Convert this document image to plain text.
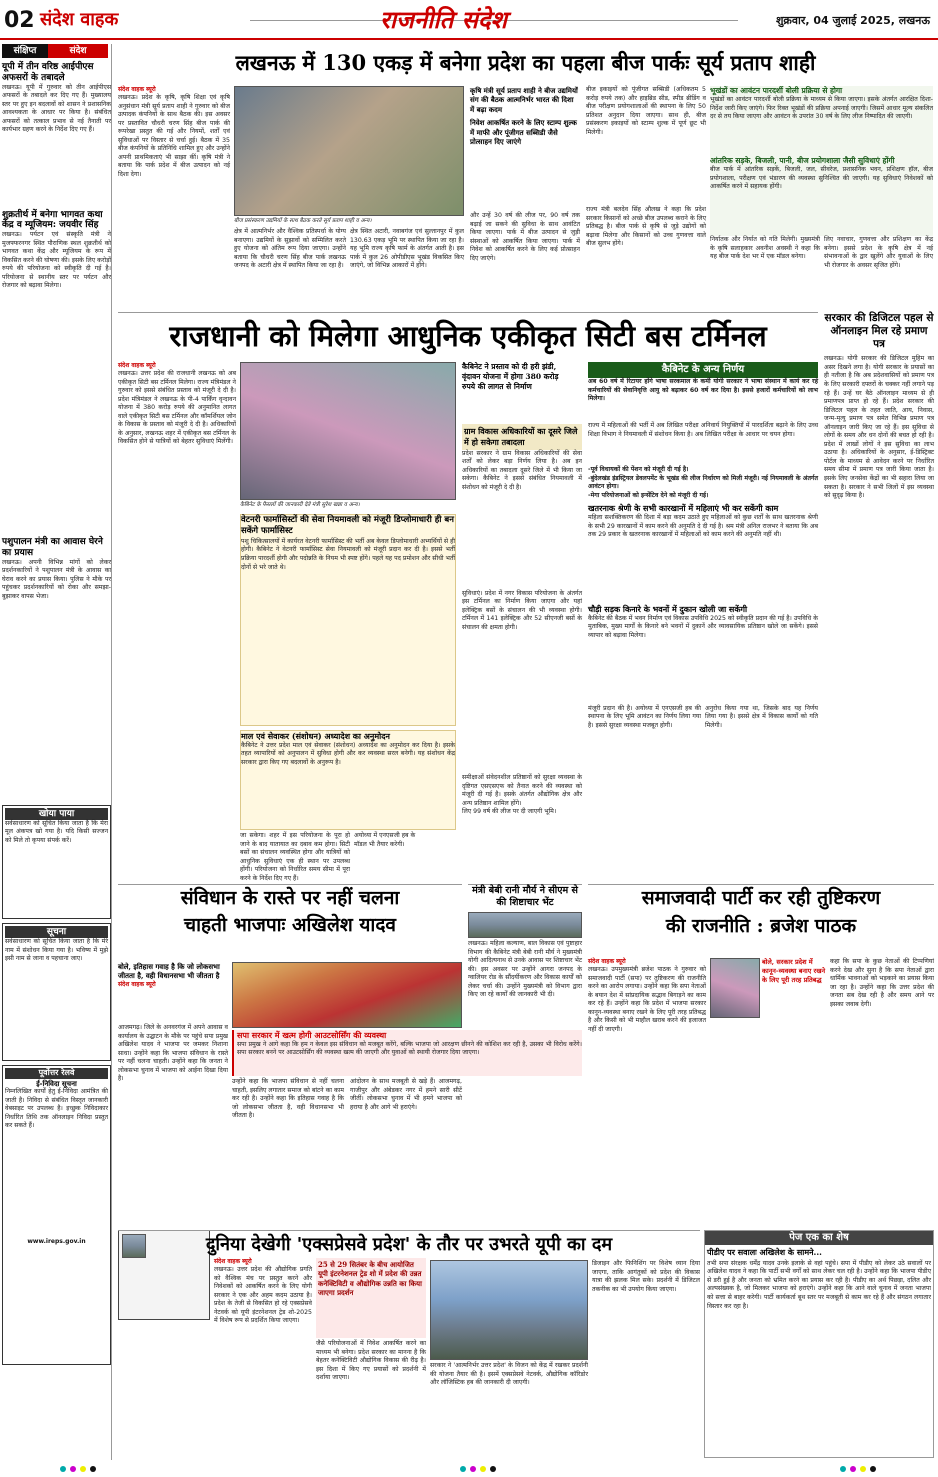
02 संदेश वाहक	राजनीति संदेश	शुक्रवार, 04 जुलाई 2025, लखनऊ
संक्षिप्त	संदेश
यूपी में तीन वरिष्ठ आईपीएस अफसरों के तबादले
लखनऊ। यूपी में गुरुवार को तीन आईपीएस अफसरों के तबादले कर दिए गए हैं। मुख्यालय स्तर पर हुए इन बदलावों को शासन ने प्रशासनिक आवश्यकता के आधार पर किया है। संबंधित अफसरों को तत्काल प्रभाव से नई तैनाती पर कार्यभार ग्रहण करने के निर्देश दिए गए हैं।
शुक्रतीर्थ में बनेगा भागवत कथा केंद्र व म्यूजियम: जयवीर सिंह
लखनऊ। पर्यटन एवं संस्कृति मंत्री ने मुजफ्फरनगर स्थित पौराणिक स्थल शुक्रतीर्थ को भागवत कथा केंद्र और म्यूजियम के रूप में विकसित करने की घोषणा की। इसके लिए करोड़ों रुपये की परियोजना को स्वीकृति दी गई है। परियोजना से स्थानीय स्तर पर पर्यटन और रोजगार को बढ़ावा मिलेगा।
पशुपालन मंत्री का आवास घेरने का प्रयास
लखनऊ। अपनी विभिन्न मांगों को लेकर प्रदर्शनकारियों ने पशुपालन मंत्री के आवास का घेराव करने का प्रयास किया। पुलिस ने मौके पर पहुंचकर प्रदर्शनकारियों को रोका और समझा-बुझाकर वापस भेजा।
खोया पाया
सर्वसाधारण को सूचित किया जाता है कि मेरा मूल अंकपत्र खो गया है। यदि किसी सज्जन को मिले तो कृपया संपर्क करें।
सूचना
सर्वसाधारण को सूचित किया जाता है कि मेरे नाम में संशोधन किया गया है। भविष्य में मुझे इसी नाम से जाना व पहचाना जाए।
पूर्वोत्तर रेलवे
ई-निविदा सूचना
निम्नलिखित कार्यों हेतु ई-निविदा आमंत्रित की जाती है। निविदा से संबंधित विस्तृत जानकारी वेबसाइट पर उपलब्ध है। इच्छुक निविदाकार निर्धारित तिथि तक ऑनलाइन निविदा प्रस्तुत कर सकते हैं।
www.ireps.gov.in
लखनऊ में 130 एकड़ में बनेगा प्रदेश का पहला बीज पार्कः सूर्य प्रताप शाही
संदेश वाहक ब्यूरो
लखनऊ। प्रदेश के कृषि, कृषि शिक्षा एवं कृषि अनुसंधान मंत्री सूर्य प्रताप शाही ने गुरुवार को बीज उत्पादक कंपनियों के साथ बैठक की। इस अवसर पर प्रस्तावित चौधरी चरण सिंह बीज पार्क की रूपरेखा प्रस्तुत की गई और नियमों, शर्तों एवं सुविधाओं पर विस्तार से चर्चा हुई। बैठक में 35 बीज कंपनियों के प्रतिनिधि शामिल हुए और उन्होंने अपनी प्राथमिकताएं भी साझा कीं। कृषि मंत्री ने बताया कि पार्क प्रदेश में बीज उत्पादन को नई दिशा देगा।
बीज प्रसंस्करण उद्यमियों के साथ बैठक करते सूर्य प्रताप शाही व अन्य।
क्षेत्र में आत्मनिर्भर और वैश्विक प्रतिस्पर्धा के योग्य बनाएगा। उद्यमियों के सुझावों को सम्मिलित करते हुए योजना को अंतिम रूप दिया जाएगा। उन्होंने बताया कि चौधरी चरण सिंह बीज पार्क लखनऊ जनपद के अटारी क्षेत्र में स्थापित किया जा रहा है।
क्षेत्र स्थित अटारी, नवाबगंज एवं सुल्तानपुर में कुल 130.63 एकड़ भूमि पर स्थापित किया जा रहा है। यह भूमि राज्य कृषि फार्म के अंतर्गत आती है। इस पार्क में कुल 26 ओपीडीएस भूखंड विकसित किए जाएंगे, जो विभिन्न आकारों में होंगे।
कृषि मंत्री सूर्य प्रताप शाही ने बीज उद्यमियों संग की बैठक आत्मनिर्भर भारत की दिशा में बढ़ा कदम
निवेश आकर्षित करने के लिए स्टाम्प शुल्क में माफी और पूंजीगत सब्सिडी जैसे प्रोत्साहन दिए जाएंगे
और उन्हें 30 वर्ष की लीज पर, 90 वर्ष तक बढ़ाई जा सकने की सुविधा के साथ आवंटित किया जाएगा। पार्क में बीज उत्पादन से जुड़ी संस्थाओं को आकर्षित किया जाएगा। पार्क में निवेश को आकर्षित करने के लिए कई प्रोत्साहन दिए जाएंगे।
बीज इकाइयों को पूंजीगत सब्सिडी (अधिकतम 5 करोड़ रुपये तक) और हाइब्रिड सीड, स्पीड ब्रीडिंग व बीज परीक्षण प्रयोगशालाओं की स्थापना के लिए 50 प्रतिशत अनुदान दिया जाएगा। साथ ही, बीज प्रसंस्करण इकाइयों को स्टाम्प शुल्क में पूर्ण छूट भी मिलेगी।
राज्य मंत्री बलदेव सिंह औलख ने कहा कि प्रदेश सरकार किसानों को अच्छे बीज उपलब्ध कराने के लिए प्रतिबद्ध है। बीज पार्क से कृषि से जुड़े उद्योगों को बढ़ावा मिलेगा और किसानों को उच्च गुणवत्ता वाले बीज सुलभ होंगे।
भूखंडों का आवंटन पारदर्शी बोली प्रक्रिया से होगा
भूखंडों का आवंटन पारदर्शी बोली प्रक्रिया के माध्यम से किया जाएगा। इसके अंतर्गत आरक्षित दिशा-निर्देश जारी किए जाएंगे। फिर रिक्त भूखंडों की प्रक्रिया अपनाई जाएगी। जिसमें आधार मूल्य संकलित दर से तय किया जाएगा और आवंटन के उपरांत 30 वर्ष के लिए लीज निष्पादित की जाएगी।
आंतरिक सड़के, बिजली, पानी, बीज प्रयोगशाला जैसी सुविधाएं होंगी
बीज पार्क में आंतरिक सड़कें, बिजली, जल, सीवरेज, प्रशासनिक भवन, प्रशिक्षण हॉल, बीज प्रयोगशाला, परीक्षण एवं भंडारण की व्यवस्था सुनिश्चित की जाएगी। यह सुविधाएं निवेशकों को आकर्षित करने में सहायक होंगी।
निर्यातक और निर्यात को गति मिलेगी। मुख्यमंत्री के कृषि सलाहकार अवनीश अवस्थी ने कहा कि यह बीज पार्क देश भर में एक मॉडल बनेगा।
लिए नवाचार, गुणवत्ता और प्रशिक्षण का केंद्र बनेगा। इससे प्रदेश के कृषि क्षेत्र में नई संभावनाओं के द्वार खुलेंगे और युवाओं के लिए भी रोजगार के अवसर सृजित होंगे।
राजधानी को मिलेगा आधुनिक एकीकृत सिटी बस टर्मिनल
संदेश वाहक ब्यूरो
लखनऊ। उत्तर प्रदेश की राजधानी लखनऊ को अब एकीकृत सिटी बस टर्मिनल मिलेगा। राज्य मंत्रिमंडल ने गुरुवार को इससे संबंधित प्रस्ताव को मंजूरी दे दी है। प्रदेश मंत्रिमंडल ने लखनऊ के पी-4 पार्किंग वृन्दावन योजना में 380 करोड़ रुपये की अनुमानित लागत वाले एकीकृत सिटी बस टर्मिनल और कॉमर्शियल जोन के विकास के प्रस्ताव को मंजूरी दे दी है। अधिकारियों के अनुसार, लखनऊ शहर में एकीकृत बस टर्मिनल के विकसित होने से यात्रियों को बेहतर सुविधाएं मिलेंगी।
कैबिनेट के फैसलों की जानकारी देते मंत्री सुरेश खन्ना व अन्य।
कैबिनेट ने प्रस्ताव को दी हरी झंडी, वृंदावन योजना में होगा 380 करोड़ रुपये की लागत से निर्माण
वेटनरी फार्मासिस्टों की सेवा नियमावली को मंजूरी डिप्लोमाधारी ही बन सकेंगे फार्मासिस्ट
पशु चिकित्सालयों में कार्यरत वेटनरी फार्मासिस्ट की भर्ती अब केवल डिप्लोमाधारी अभ्यर्थियों से ही होगी। कैबिनेट ने वेटनरी फार्मासिस्ट सेवा नियमावली को मंजूरी प्रदान कर दी है। इससे भर्ती प्रक्रिया पारदर्शी होगी और पदोन्नति के नियम भी स्पष्ट होंगे। पहले यह पद प्रमोशन और सीधी भर्ती दोनों से भरे जाते थे।
माल एवं सेवाकर (संशोधन) अध्यादेश का अनुमोदन
कैबिनेट ने उत्तर प्रदेश माल एवं सेवाकर (संशोधन) अध्यादेश का अनुमोदन कर दिया है। इसके तहत व्यापारियों को अनुपालन में सुविधा होगी और कर व्यवस्था सरल बनेगी। यह संशोधन केंद्र सरकार द्वारा किए गए बदलावों के अनुरूप है।
जा सकेगा। शहर में इस परियोजना के पूरा हो जाने के बाद यातायात का दबाव कम होगा। सिटी बसों का संचालन व्यवस्थित होगा और यात्रियों को आधुनिक सुविधाएं एक ही स्थान पर उपलब्ध होंगी। परियोजना को निर्धारित समय सीमा में पूरा करने के निर्देश दिए गए हैं।
अयोध्या में एनएसजी हब के
मॉडल भी तैयार करेगी।
ग्राम विकास अधिकारियों का दूसरे जिले में हो सकेगा तबादला
प्रदेश सरकार ने ग्राम विकास अधिकारियों की सेवा शर्तों को लेकर बड़ा निर्णय लिया है। अब इन अधिकारियों का तबादला दूसरे जिले में भी किया जा सकेगा। कैबिनेट ने इससे संबंधित नियमावली में संशोधन को मंजूरी दे दी है।
सुविधाएं। प्रदेश में नगर विकास परियोजना के अंतर्गत इस टर्मिनल का निर्माण किया जाएगा और यहां इलेक्ट्रिक बसों के संचालन की भी व्यवस्था होगी। टर्मिनल में 141 इलेक्ट्रिक और 52 सीएनजी बसों के संचालन की क्षमता होगी।
समीक्षाओं संवेदनशील प्रतिष्ठानों को सुरक्षा व्यवस्था के दृष्टिगत एसएसएफ को तैनात करने की व्यवस्था को मंजूरी दी गई है। इसके अंतर्गत औद्योगिक क्षेत्र और अन्य प्रतिष्ठान शामिल होंगे।
लिए 99 वर्ष की लीज पर दी जाएगी भूमि।
कैबिनेट के अन्य निर्णय
अब 60 वर्ष में रिटायर होंगे भाषा सरकमाल के कर्मी योगी सरकार ने भाषा संस्थान में कार्य कर रहे कर्मचारियों की सेवानिवृत्ति आयु को बढ़ाकर 60 वर्ष कर दिया है। इससे हजारों कर्मचारियों को लाभ मिलेगा।
राज्य में महिलाओं की भर्ती में अब लिखित परीक्षा अनिवार्य नियुक्तियों में पारदर्शिता बढ़ाने के लिए उच्च शिक्षा विभाग ने नियमावली में संशोधन किया है। अब लिखित परीक्षा के आधार पर चयन होगा।
-पूर्व विधायकों की पेंशन को मंजूरी दी गई है।
-बुंदेलखंड इंडस्ट्रियल डेवलपमेंट के भूखंड की लीज निर्धारण को मिली मंजूरी। नई नियमावली के अंतर्गत आवंटन होगा।
-मेगा परियोजनाओं को इन्सेंटिव देने को मंजूरी दी गई।
खतरनाक श्रेणी के सभी कारखानों में महिलाएं भी कर सकेंगी काम
महिला सशक्तिकरण की दिशा में बड़ा कदम उठाते हुए महिलाओं को कुछ शर्तों के साथ खतरनाक श्रेणी के सभी 29 कारखानों में काम करने की अनुमति दे दी गई है। श्रम मंत्री अनिल राजभर ने बताया कि अब तक 29 प्रकार के खतरनाक कारखानों में महिलाओं को काम करने की अनुमति नहीं थी।
चौड़ी सड़क किनारे के भवनों में दुकान खोली जा सकेंगी
कैबिनेट की बैठक में भवन निर्माण एवं विकास उपविधि 2025 को स्वीकृति प्रदान की गई है। उपविधि के मुताबिक, मुख्य मार्गों के किनारे बने भवनों में दुकानें और व्यावसायिक प्रतिष्ठान खोले जा सकेंगे। इससे व्यापार को बढ़ावा मिलेगा।
मंजूरी प्रदान की है। अयोध्या में एनएसजी हब की स्थापना के लिए भूमि आवंटन का निर्णय लिया गया है। इससे सुरक्षा व्यवस्था मजबूत होगी।
अनुरोध किया गया था, जिसके बाद यह निर्णय लिया गया है। इससे क्षेत्र में विकास कार्यों को गति मिलेगी।
सरकार की डिजिटल पहल से ऑनलाइन मिल रहे प्रमाण पत्र
लखनऊ। योगी सरकार की डिजिटल मुहिम का असर दिखने लगा है। योगी सरकार के प्रयासों का ही नतीजा है कि अब प्रदेशवासियों को प्रमाण पत्र के लिए सरकारी दफ्तरों के चक्कर नहीं लगाने पड़ रहे हैं। उन्हें घर बैठे ऑनलाइन माध्यम से ही प्रमाणपत्र प्राप्त हो रहे हैं। प्रदेश सरकार की डिजिटल पहल के तहत जाति, आय, निवास, जन्म-मृत्यु प्रमाण पत्र समेत विभिन्न प्रमाण पत्र ऑनलाइन जारी किए जा रहे हैं। इस सुविधा से लोगों के समय और धन दोनों की बचत हो रही है। प्रदेश में लाखों लोगों ने इस सुविधा का लाभ उठाया है। अधिकारियों के अनुसार, ई-डिस्ट्रिक्ट पोर्टल के माध्यम से आवेदन करने पर निर्धारित समय सीमा में प्रमाण पत्र जारी किया जाता है। इसके लिए जनसेवा केंद्रों का भी सहारा लिया जा सकता है। सरकार ने सभी जिलों में इस व्यवस्था को सुदृढ़ किया है।
संविधान के रास्ते पर नहीं चलना
चाहती भाजपाः अखिलेश यादव
बोले, इतिहास गवाह है कि जो लोकसभा जीतता है, वही विधानसभा भी जीतता है
संदेश वाहक ब्यूरो
आजमगढ़। जिले के अनवरगंज में अपने आवास व कार्यालय के उद्घाटन के मौके पर पहुंचे सपा प्रमुख अखिलेश यादव ने भाजपा पर जमकर निशाना साधा। उन्होंने कहा कि भाजपा संविधान के रास्ते पर नहीं चलना चाहती। उन्होंने कहा कि जनता ने लोकसभा चुनाव में भाजपा को आईना दिखा दिया है।
सपा सरकार में खत्म होगी आउटसोर्सिंग की व्यवस्था
सपा प्रमुख ने आगे कहा कि हम न केवल इस संविधान को मजबूत करेंगे, बल्कि भाजपा जो आरक्षण छीनने की कोशिश कर रही है, उसका भी विरोध करेंगे। सपा सरकार बनने पर आउटसोर्सिंग की व्यवस्था खत्म की जाएगी और युवाओं को स्थायी रोजगार दिया जाएगा।
उन्होंने कहा कि भाजपा संविधान से नहीं चलना चाहती, इसलिए लगातार समाज को बांटने का काम कर रही है। उन्होंने कहा कि इतिहास गवाह है कि जो लोकसभा जीतता है, वही विधानसभा भी जीतता है।
आंदोलन के साथ मजबूती से खड़े हैं। आजमगढ़, गाजीपुर और अंबेडकर नगर में हमने सारी सीटें जीतीं। लोकसभा चुनाव में भी हमने भाजपा को हराया है और आगे भी हराएंगे।
मंत्री बेबी रानी मौर्य ने सीएम से की शिष्टाचार भेंट
लखनऊ। महिला कल्याण, बाल विकास एवं पुष्टाहार विभाग की कैबिनेट मंत्री बेबी रानी मौर्य ने मुख्यमंत्री योगी आदित्यनाथ से उनके आवास पर शिष्टाचार भेंट की। इस अवसर पर उन्होंने आगरा जनपद के ग्वालियर रोड के सौंदर्यीकरण और विकास कार्यों को लेकर चर्चा की। उन्होंने मुख्यमंत्री को विभाग द्वारा किए जा रहे कार्यों की जानकारी भी दी।
समाजवादी पार्टी कर रही तुष्टिकरण
की राजनीति : ब्रजेश पाठक
संदेश वाहक ब्यूरो
लखनऊ। उपमुख्यमंत्री ब्रजेश पाठक ने गुरुवार को समाजवादी पार्टी (सपा) पर तुष्टिकरण की राजनीति करने का आरोप लगाया। उन्होंने कहा कि सपा नेताओं के बयान देश में सांप्रदायिक सद्भाव बिगाड़ने का काम कर रहे हैं। उन्होंने कहा कि प्रदेश में भाजपा सरकार कानून-व्यवस्था बनाए रखने के लिए पूरी तरह प्रतिबद्ध है और किसी को भी माहौल खराब करने की इजाजत नहीं दी जाएगी।
बोले, सरकार प्रदेश में कानून-व्यवस्था बनाए रखने के लिए पूरी तरह प्रतिबद्ध
कहा कि सपा के कुछ नेताओं की टिप्पणियां करने देख और सुना है कि सपा नेताओं द्वारा धार्मिक भावनाओं को भड़काने का प्रयास किया जा रहा है। उन्होंने कहा कि उत्तर प्रदेश की जनता सब देख रही है और समय आने पर इसका जवाब देगी।
दुनिया देखेगी 'एक्सप्रेसवे प्रदेश' के तौर पर उभरते यूपी का दम
संदेश वाहक ब्यूरो
लखनऊ। उत्तर प्रदेश की औद्योगिक प्रगति को वैश्विक मंच पर प्रस्तुत करने और निवेशकों को आकर्षित करने के लिए योगी सरकार ने एक और अहम कदम उठाया है। प्रदेश के तेजी से विकसित हो रहे एक्सप्रेसवे नेटवर्क को यूपी इंटरनेशनल ट्रेड शो-2025 में विशेष रूप से प्रदर्शित किया जाएगा।
25 से 29 सितंबर के बीच आयोजित यूपी इंटरनेशनल ट्रेड शो में प्रदेश की उन्नत कनेक्टिविटी व औद्योगिक उन्नति का किया जाएगा प्रदर्शन
जैसे परियोजनाओं में निवेश आकर्षित करने का माध्यम भी बनेगा। प्रदेश सरकार का मानना है कि बेहतर कनेक्टिविटी औद्योगिक विकास की रीढ़ है। इस दिशा में किए गए प्रयासों को प्रदर्शनी में दर्शाया जाएगा।
सरकार ने 'आत्मनिर्भर उत्तर प्रदेश' के विजन को केंद्र में रखकर प्रदर्शनी की योजना तैयार की है। इसमें एक्सप्रेसवे नेटवर्क, औद्योगिक कॉरिडोर और लॉजिस्टिक हब की जानकारी दी जाएगी।
डिजाइन और फिनिशिंग पर विशेष ध्यान दिया जाएगा, ताकि आगंतुकों को प्रदेश की विकास यात्रा की झलक मिल सके। प्रदर्शनी में डिजिटल तकनीक का भी उपयोग किया जाएगा।
पेज एक का शेष
पीडीए पर सवालः अखिलेश के सामने...
तभी सपा संरक्षक धर्मेंद्र यादव उनके इलाके से वहां पहुंचे। सपा में पीडीए को लेकर उठे सवालों पर अखिलेश यादव ने कहा कि पार्टी सभी वर्गों को साथ लेकर चल रही है। उन्होंने कहा कि भाजपा पीडीए से डरी हुई है और जनता को भ्रमित करने का प्रयास कर रही है। पीडीए का अर्थ पिछड़ा, दलित और अल्पसंख्यक है, जो मिलकर भाजपा को हराएंगे। उन्होंने कहा कि आने वाले चुनाव में जनता भाजपा को सत्ता से बाहर करेगी। पार्टी कार्यकर्ता बूथ स्तर पर मजबूती से काम कर रहे हैं और संगठन लगातार विस्तार कर रहा है।
